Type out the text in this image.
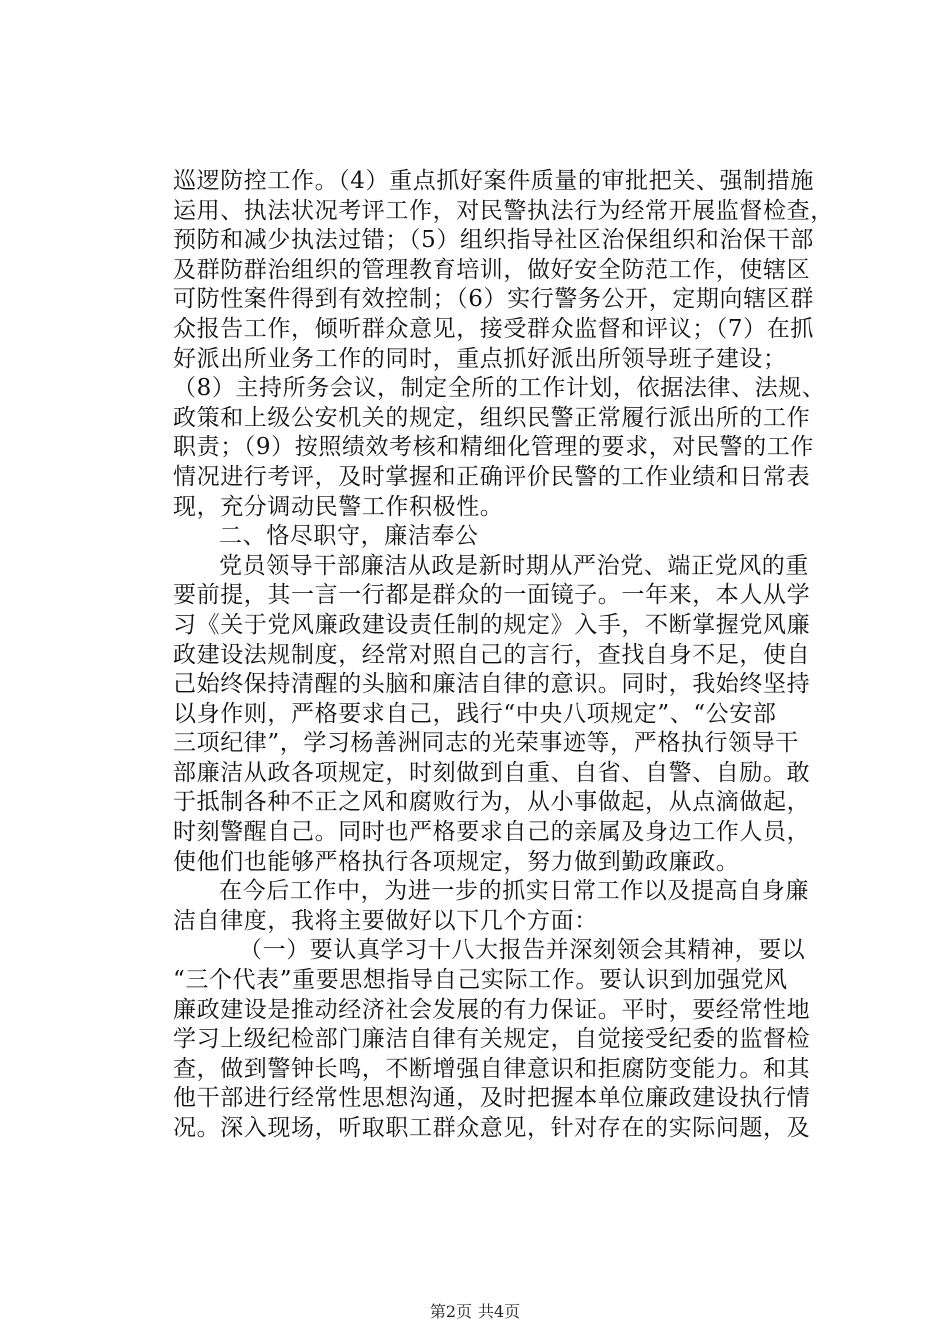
巡逻防控工作。（4）重点抓好案件质量的审批把关、强制措施
运用、执法状况考评工作，对民警执法行为经常开展监督检查，
预防和减少执法过错；（5）组织指导社区治保组织和治保干部
及群防群治组织的管理教育培训，做好安全防范工作，使辖区
可防性案件得到有效控制；（6）实行警务公开，定期向辖区群
众报告工作，倾听群众意见，接受群众监督和评议；（7）在抓
好派出所业务工作的同时，重点抓好派出所领导班子建设；
（8）主持所务会议，制定全所的工作计划，依据法律、法规、
政策和上级公安机关的规定，组织民警正常履行派出所的工作
职责；（9）按照绩效考核和精细化管理的要求，对民警的工作
情况进行考评，及时掌握和正确评价民警的工作业绩和日常表
现，充分调动民警工作积极性。
二、恪尽职守，廉洁奉公
党员领导干部廉洁从政是新时期从严治党、端正党风的重
要前提，其一言一行都是群众的一面镜子。一年来，本人从学
习《关于党风廉政建设责任制的规定》入手，不断掌握党风廉
政建设法规制度，经常对照自己的言行，查找自身不足，使自
己始终保持清醒的头脑和廉洁自律的意识。同时，我始终坚持
以身作则，严格要求自己，践行“中央八项规定”、“公安部
三项纪律”，学习杨善洲同志的光荣事迹等，严格执行领导干
部廉洁从政各项规定，时刻做到自重、自省、自警、自励。敢
于抵制各种不正之风和腐败行为，从小事做起，从点滴做起，
时刻警醒自己。同时也严格要求自己的亲属及身边工作人员，
使他们也能够严格执行各项规定，努力做到勤政廉政。
在今后工作中，为进一步的抓实日常工作以及提高自身廉
洁自律度，我将主要做好以下几个方面：
（一）要认真学习十八大报告并深刻领会其精神，要以
“三个代表”重要思想指导自己实际工作。要认识到加强党风
廉政建设是推动经济社会发展的有力保证。平时，要经常性地
学习上级纪检部门廉洁自律有关规定，自觉接受纪委的监督检
查，做到警钟长鸣，不断增强自律意识和拒腐防变能力。和其
他干部进行经常性思想沟通，及时把握本单位廉政建设执行情
况。深入现场，听取职工群众意见，针对存在的实际问题，及
第2页 共4页
